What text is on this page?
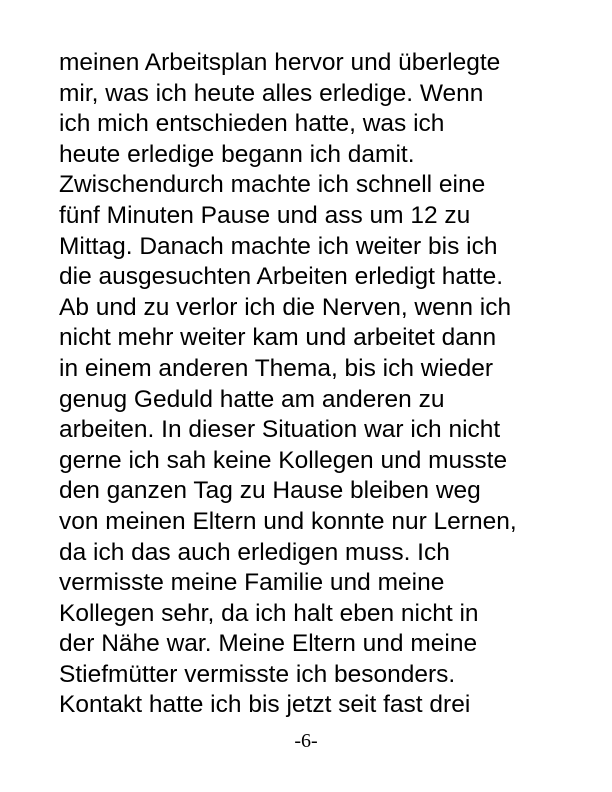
meinen Arbeitsplan hervor und überlegte
mir, was ich heute alles erledige. Wenn
ich mich entschieden hatte, was ich
heute erledige begann ich damit.
Zwischendurch machte ich schnell eine
fünf Minuten Pause und ass um 12 zu
Mittag. Danach machte ich weiter bis ich
die ausgesuchten Arbeiten erledigt hatte.
Ab und zu verlor ich die Nerven, wenn ich
nicht mehr weiter kam und arbeitet dann
in einem anderen Thema, bis ich wieder
genug Geduld hatte am anderen zu
arbeiten. In dieser Situation war ich nicht
gerne ich sah keine Kollegen und musste
den ganzen Tag zu Hause bleiben weg
von meinen Eltern und konnte nur Lernen,
da ich das auch erledigen muss. Ich
vermisste meine Familie und meine
Kollegen sehr, da ich halt eben nicht in
der Nähe war. Meine Eltern und meine
Stiefmütter vermisste ich besonders.
Kontakt hatte ich bis jetzt seit fast drei
-6-
